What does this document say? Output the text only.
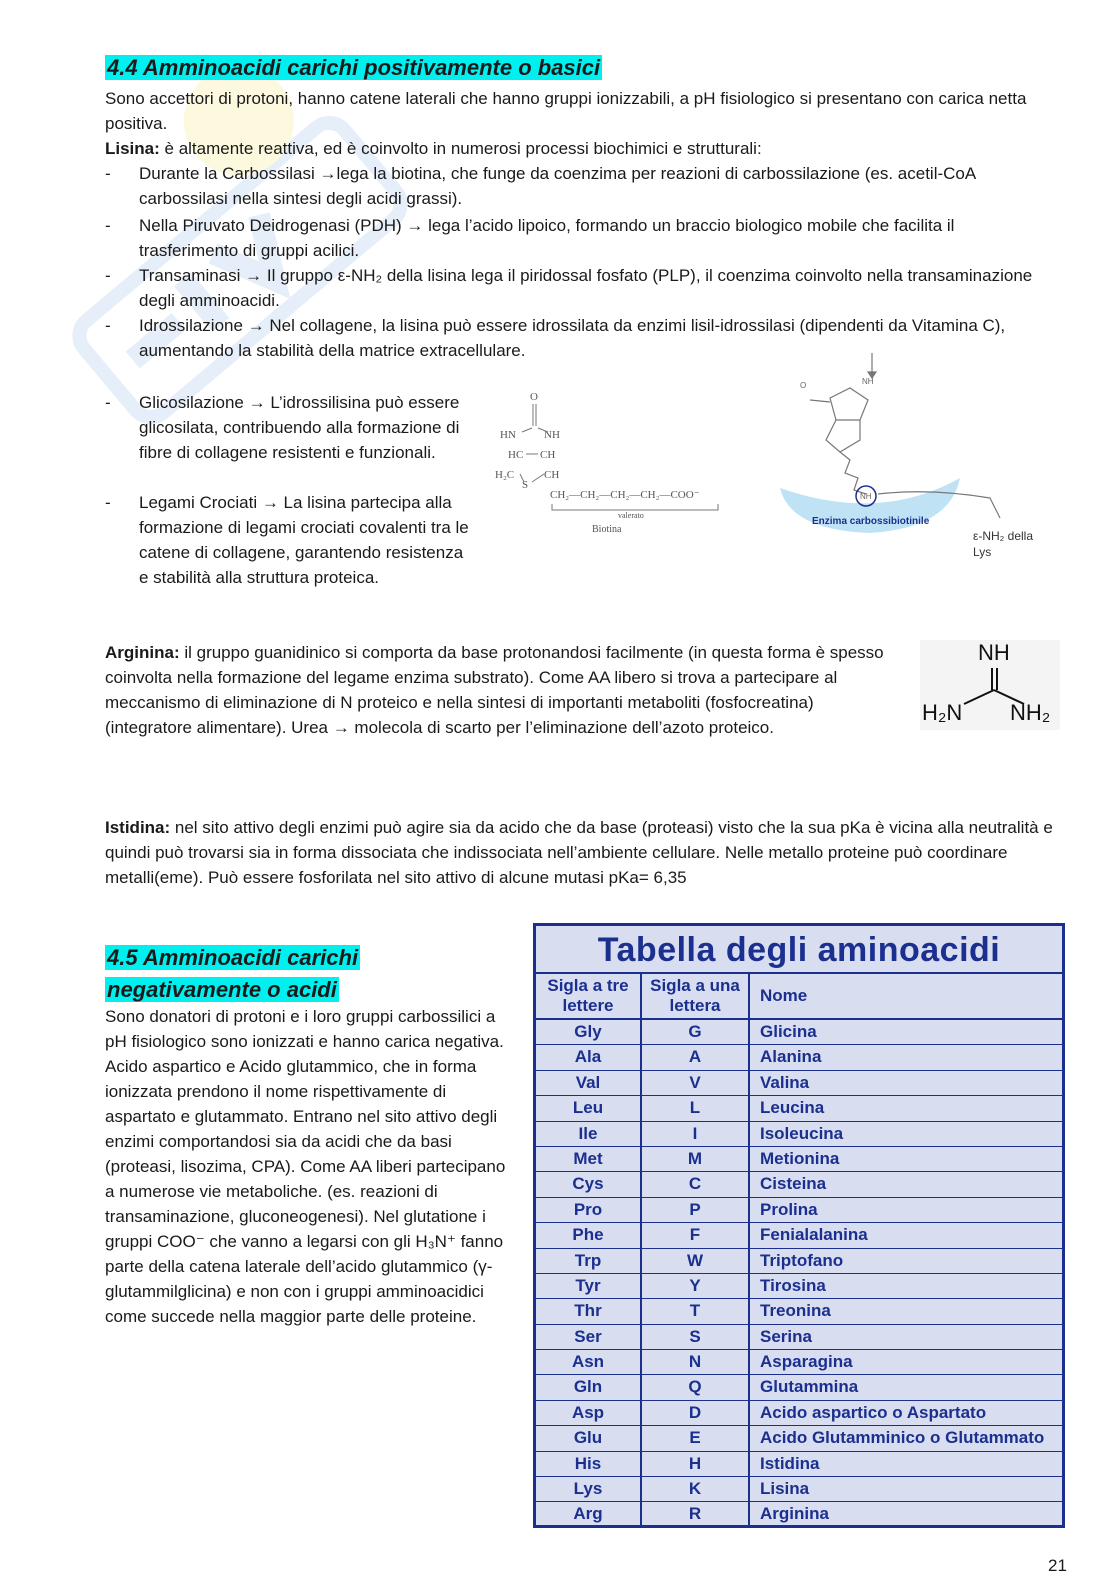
4.4 Amminoacidi carichi positivamente o basici
Sono accettori di protoni, hanno catene laterali che hanno gruppi ionizzabili, a pH fisiologico si presentano con carica netta positiva.
Lisina: è altamente reattiva, ed è coinvolto in numerosi processi biochimici e strutturali:
- Durante la Carbossilasi →lega la biotina, che funge da coenzima per reazioni di carbossilazione (es. acetil-CoA carbossilasi nella sintesi degli acidi grassi).
- Nella Piruvato Deidrogenasi (PDH) → lega l’acido lipoico, formando un braccio biologico mobile che facilita il trasferimento di gruppi acilici.
- Transaminasi → Il gruppo ε-NH₂ della lisina lega il piridossal fosfato (PLP), il coenzima coinvolto nella transaminazione degli amminoacidi.
- Idrossilazione → Nel collagene, la lisina può essere idrossilata da enzimi lisil-idrossilasi (dipendenti da Vitamina C), aumentando la stabilità della matrice extracellulare.
- Glicosilazione → L’idrossilisina può essere glicosilata, contribuendo alla formazione di fibre di collagene resistenti e funzionali.
- Legami Crociati → La lisina partecipa alla formazione di legami crociati covalenti tra le catene di collagene, garantendo resistenza e stabilità alla struttura proteica.
O
HN	NH
HC CH
H₂C	CH
S
CH₂—CH₂—CH₂—CH₂—COO⁻
valerato
Biotina
O	NH
NH
Enzima carbossibiotinile
ε-NH₂ della
Lys
Arginina: il gruppo guanidinico si comporta da base protonandosi facilmente (in questa forma è spesso coinvolta nella formazione del legame enzima substrato). Come AA libero si trova a partecipare al meccanismo di eliminazione di N proteico e nella sintesi di importanti metaboliti (fosfocreatina) (integratore alimentare). Urea → molecola di scarto per l’eliminazione dell’azoto proteico.
NH
H₂N NH₂
Istidina: nel sito attivo degli enzimi può agire sia da acido che da base (proteasi) visto che la sua pKa è vicina alla neutralità e quindi può trovarsi sia in forma dissociata che indissociata nell’ambiente cellulare. Nelle metallo proteine può coordinare metalli(eme). Può essere fosforilata nel sito attivo di alcune mutasi pKa= 6,35
4.5 Amminoacidi carichi
negativamente o acidi
Sono donatori di protoni e i loro gruppi carbossilici a pH fisiologico sono ionizzati e hanno carica negativa. Acido aspartico e Acido glutammico, che in forma ionizzata prendono il nome rispettivamente di aspartato e glutammato. Entrano nel sito attivo degli enzimi comportandosi sia da acidi che da basi (proteasi, lisozima, CPA). Come AA liberi partecipano a numerose vie metaboliche. (es. reazioni di transaminazione, gluconeogenesi). Nel glutatione i gruppi COO⁻ che vanno a legarsi con gli H₃N⁺ fanno parte della catena laterale dell’acido glutammico (γ-glutammilglicina) e non con i gruppi amminoacidici come succede nella maggior parte delle proteine.
Tabella degli aminoacidi
Sigla a tre lettere
Sigla a una lettera
Nome
Gly	G	Glicina
Ala	A	Alanina
Val	V	Valina
Leu	L	Leucina
Ile	I	Isoleucina
Met	M	Metionina
Cys	C	Cisteina
Pro	P	Prolina
Phe	F	Fenialalanina
Trp	W	Triptofano
Tyr	Y	Tirosina
Thr	T	Treonina
Ser	S	Serina
Asn	N	Asparagina
Gln	Q	Glutammina
Asp	D	Acido aspartico o Aspartato
Glu	E	Acido Glutamminico o Glutammato
His	H	Istidina
Lys	K	Lisina
Arg	R	Arginina
21
